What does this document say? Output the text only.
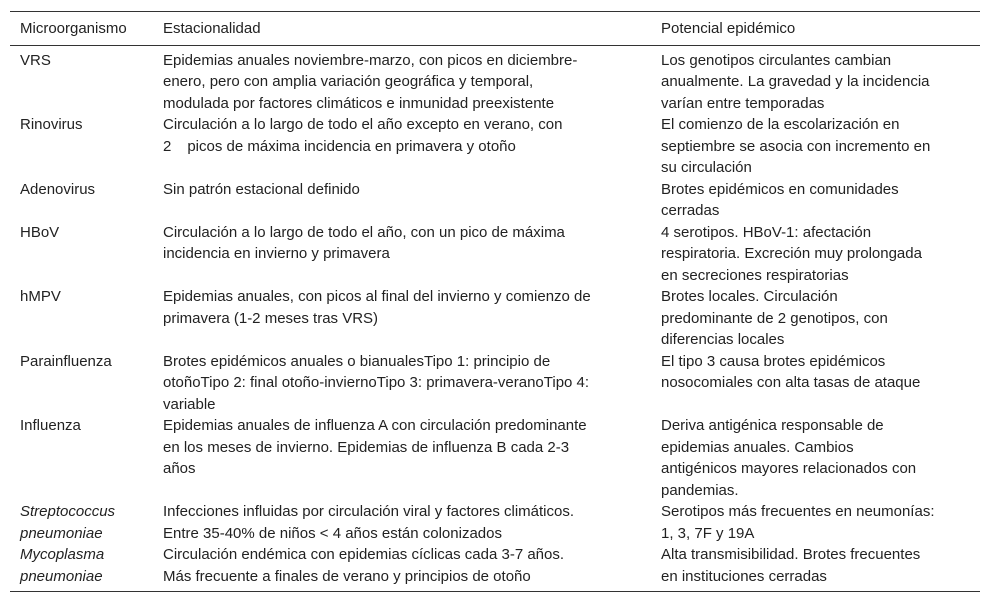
Microorganismo	Estacionalidad	Potencial epidémico
VRS	Epidemias anuales noviembre-marzo, con picos en diciembre-
enero, pero con amplia variación geográfica y temporal,
modulada por factores climáticos e inmunidad preexistente	Los genotipos circulantes cambian
anualmente. La gravedad y la incidencia
varían entre temporadas

Rinovirus	Circulación a lo largo de todo el año excepto en verano, con
2 picos de máxima incidencia en primavera y otoño	El comienzo de la escolarización en
septiembre se asocia con incremento en
su circulación

Adenovirus	Sin patrón estacional definido	Brotes epidémicos en comunidades
cerradas

HBoV	Circulación a lo largo de todo el año, con un pico de máxima
incidencia en invierno y primavera	4 serotipos. HBoV-1: afectación
respiratoria. Excreción muy prolongada
en secreciones respiratorias

hMPV	Epidemias anuales, con picos al final del invierno y comienzo de
primavera (1-2 meses tras VRS)	Brotes locales. Circulación
predominante de 2 genotipos, con
diferencias locales

Parainfluenza	Brotes epidémicos anuales o bianualesTipo 1: principio de
otoñoTipo 2: final otoño-inviernoTipo 3: primavera-veranoTipo 4:
variable	El tipo 3 causa brotes epidémicos
nosocomiales con alta tasas de ataque

Influenza	Epidemias anuales de influenza A con circulación predominante
en los meses de invierno. Epidemias de influenza B cada 2-3
años	Deriva antigénica responsable de
epidemias anuales. Cambios
antigénicos mayores relacionados con
pandemias.

Streptococcus
pneumoniae	Infecciones influidas por circulación viral y factores climáticos.
Entre 35-40% de niños < 4 años están colonizados	Serotipos más frecuentes en neumonías:
1, 3, 7F y 19A

Mycoplasma
pneumoniae	Circulación endémica con epidemias cíclicas cada 3-7 años.
Más frecuente a finales de verano y principios de otoño	Alta transmisibilidad. Brotes frecuentes
en instituciones cerradas
